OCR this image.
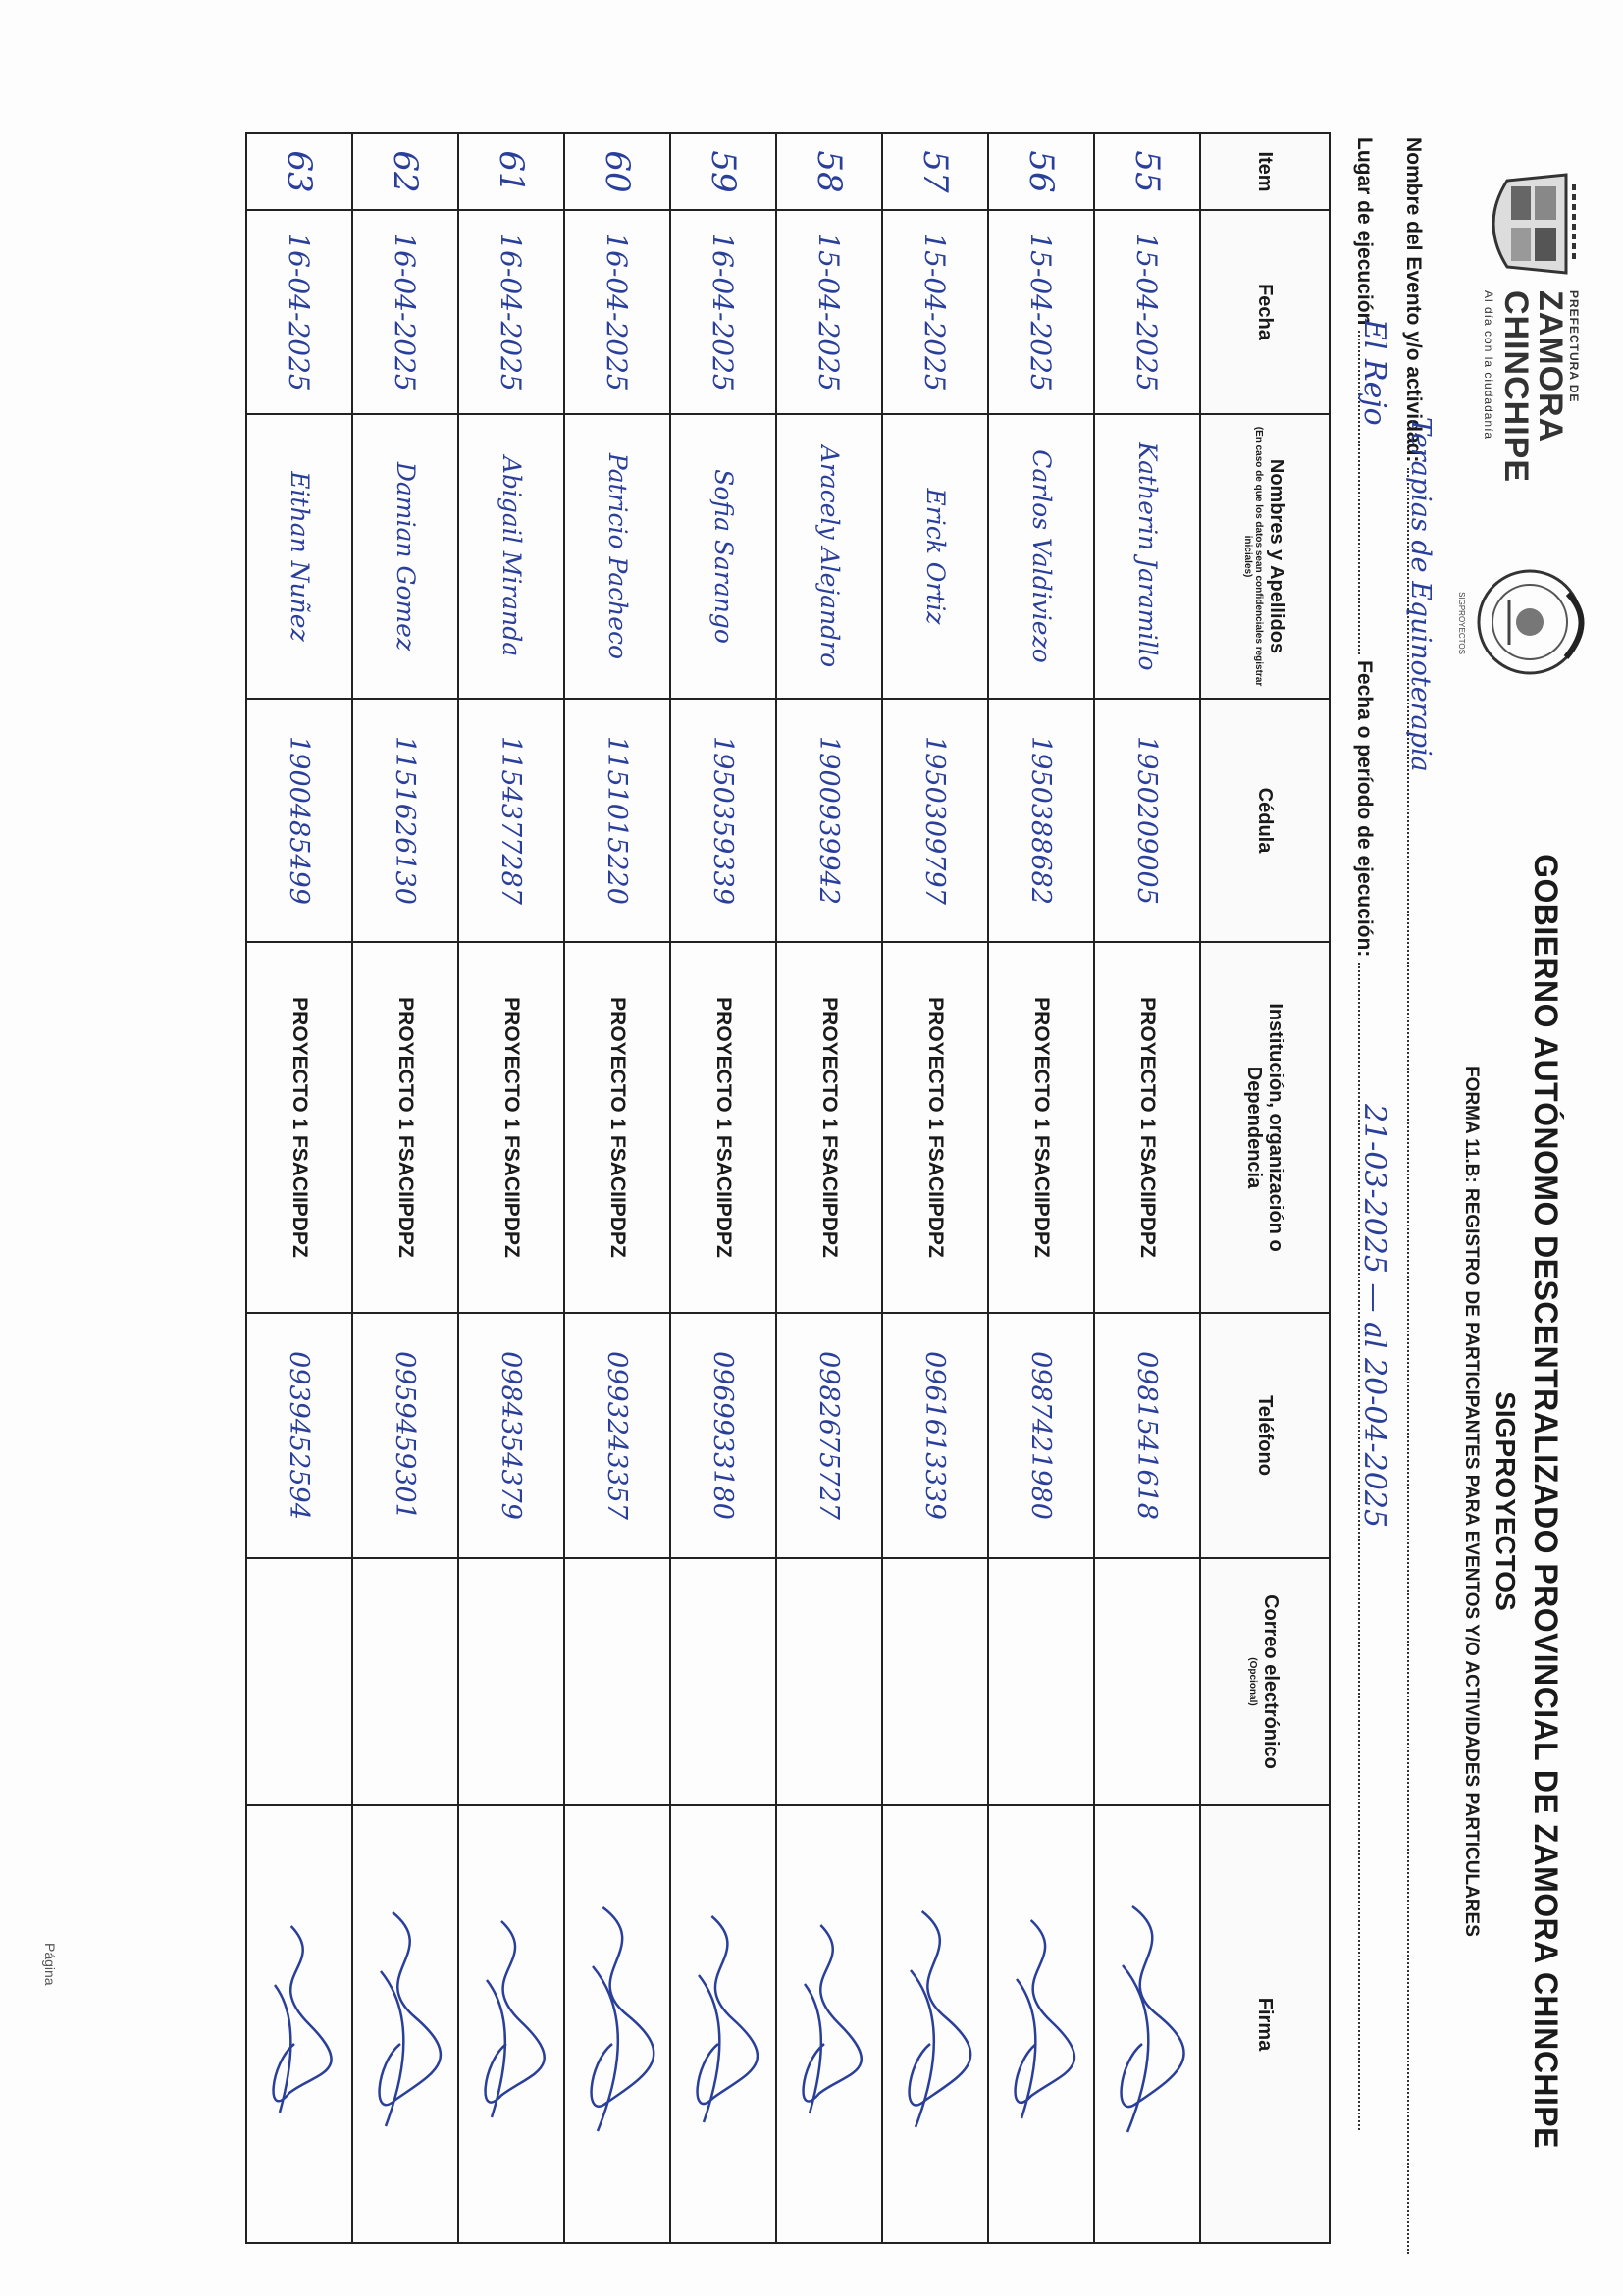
PREFECTURA DE
ZAMORA CHINCHIPE
Al día con la ciudadanía
SIGPROYECTOS
GOBIERNO AUTÓNOMO DESCENTRALIZADO PROVINCIAL DE ZAMORA CHINCHIPE
SIGPROYECTOS
FORMA 11.B: REGISTRO DE PARTICIPANTES PARA EVENTOS Y/O ACTIVIDADES PARTICULARES
Nombre del Evento y/o actividad:
Terapias de Equinoterapia
Lugar de ejecución  Fecha o período de ejecución:
El Rejo
21-03-2025 — al 20-04-2025
Item	Fecha	Nombres y Apellidos
(En caso de que los datos sean confidenciales registrar iniciales)	Cédula	Institución, organización o Dependencia	Teléfono	Correo electrónico
(Opcional)	Firma
55	15-04-2025	Katherin Jaramillo	1950209005	PROYECTO 1 FSACIIPDPZ	0981541618		

56	15-04-2025	Carlos Valdiviezo	1950388682	PROYECTO 1 FSACIIPDPZ	0987421980		

57	15-04-2025	Erick Ortiz	1950309797	PROYECTO 1 FSACIIPDPZ	0961613339		

58	15-04-2025	Aracely Alejandro	1900939942	PROYECTO 1 FSACIIPDPZ	0982675727		

59	16-04-2025	Sofia Sarango	1950359339	PROYECTO 1 FSACIIPDPZ	0969933180		

60	16-04-2025	Patricio Pacheco	1151015220	PROYECTO 1 FSACIIPDPZ	0993243357		

61	16-04-2025	Abigail Miranda	1154377287	PROYECTO 1 FSACIIPDPZ	0984354379		

62	16-04-2025	Damian Gomez	1151626130	PROYECTO 1 FSACIIPDPZ	0959459301		

63	16-04-2025	Eithan Nuñez	1900485499	PROYECTO 1 FSACIIPDPZ	0939452594		
Página
